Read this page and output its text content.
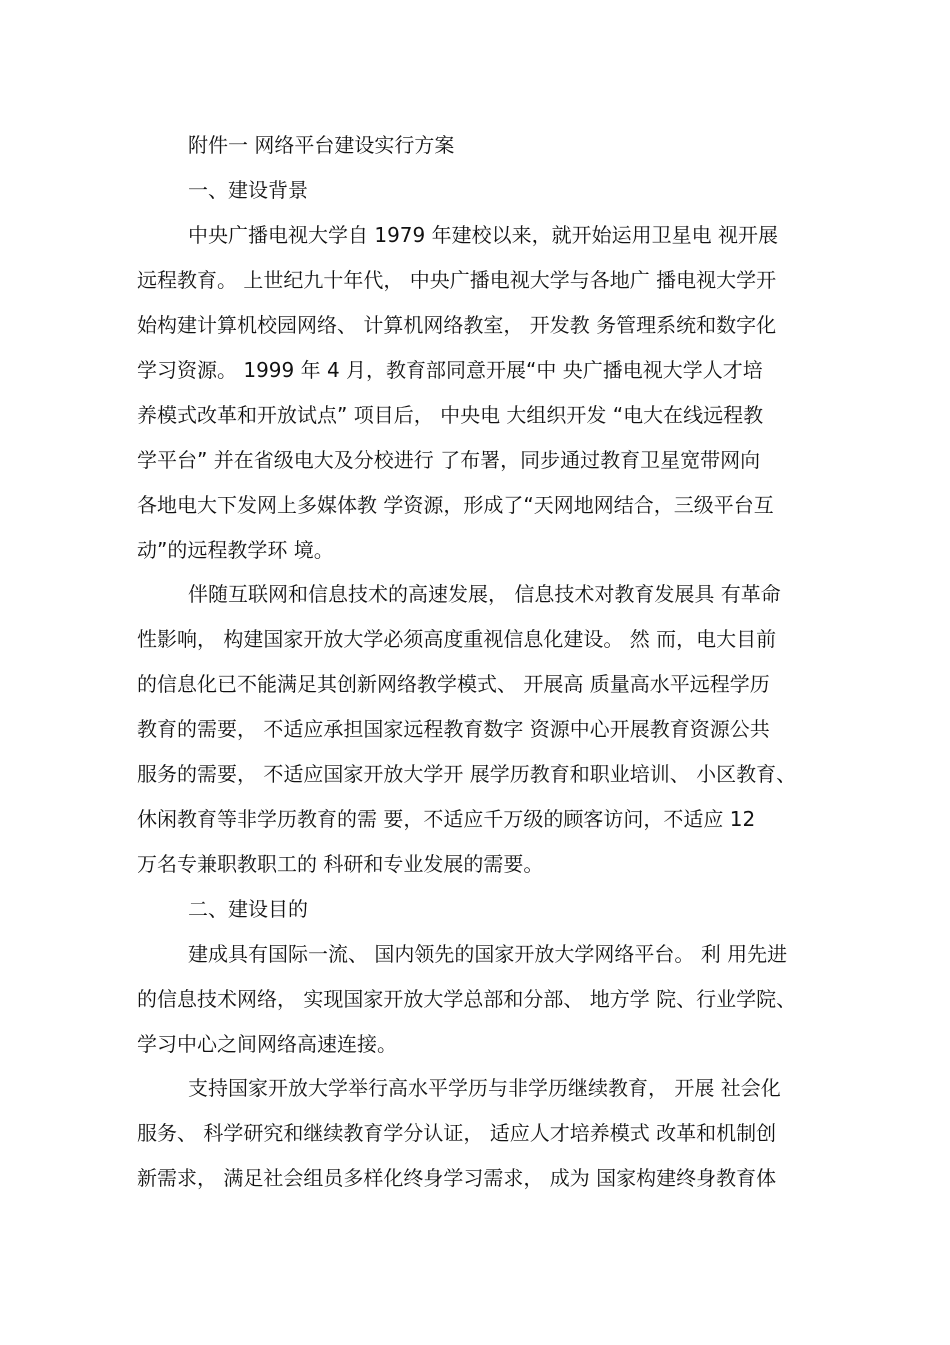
附件一 网络平台建设实行方案
一、建设背景
中央广播电视大学自 1979 年建校以来，就开始运用卫星电 视开展
远程教育。 上世纪九十年代， 中央广播电视大学与各地广 播电视大学开
始构建计算机校园网络、 计算机网络教室， 开发教 务管理系统和数字化
学习资源。 1999 年 4 月，教育部同意开展“中 央广播电视大学人才培
养模式改革和开放试点” 项目后， 中央电 大组织开发 “电大在线远程教
学平台” 并在省级电大及分校进行 了布署，同步通过教育卫星宽带网向
各地电大下发网上多媒体教 学资源，形成了“天网地网结合，三级平台互
动”的远程教学环 境。
伴随互联网和信息技术的高速发展， 信息技术对教育发展具 有革命
性影响， 构建国家开放大学必须高度重视信息化建设。 然 而，电大目前
的信息化已不能满足其创新网络教学模式、 开展高 质量高水平远程学历
教育的需要， 不适应承担国家远程教育数字 资源中心开展教育资源公共
服务的需要， 不适应国家开放大学开 展学历教育和职业培训、 小区教育、
休闲教育等非学历教育的需 要，不适应千万级的顾客访问，不适应 12
万名专兼职教职工的 科研和专业发展的需要。
二、建设目的
建成具有国际一流、 国内领先的国家开放大学网络平台。 利 用先进
的信息技术网络， 实现国家开放大学总部和分部、 地方学 院、行业学院、
学习中心之间网络高速连接。
支持国家开放大学举行高水平学历与非学历继续教育， 开展 社会化
服务、 科学研究和继续教育学分认证， 适应人才培养模式 改革和机制创
新需求， 满足社会组员多样化终身学习需求， 成为 国家构建终身教育体
